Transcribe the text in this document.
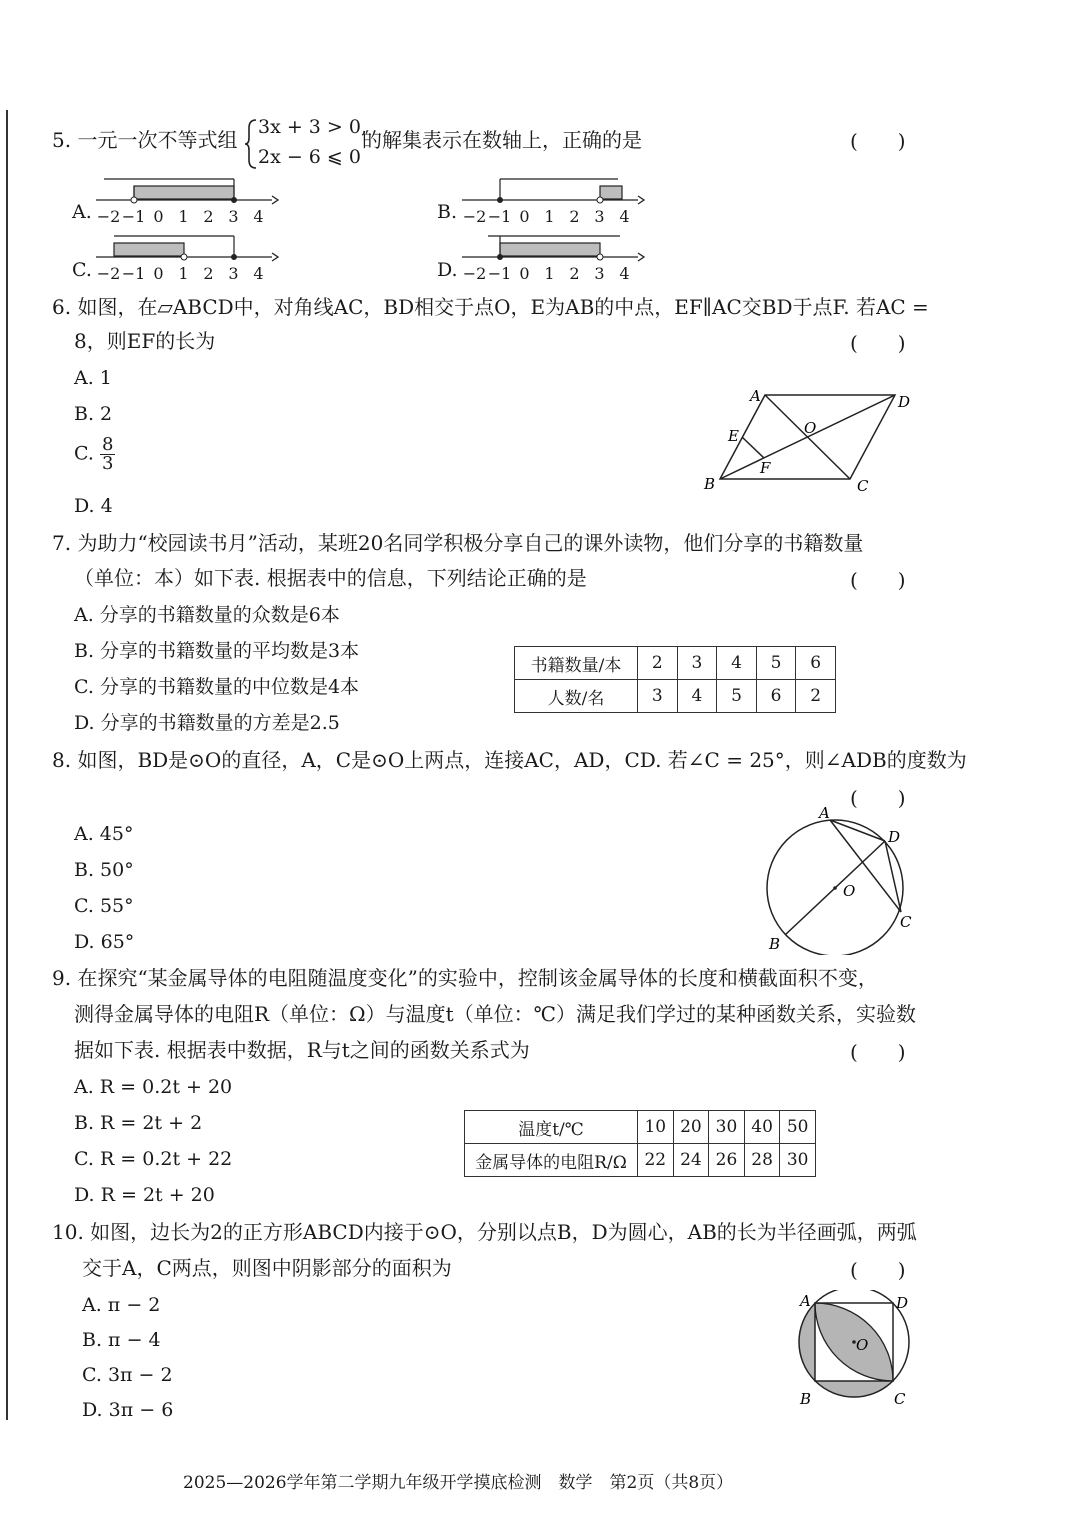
5. 一元一次不等式组
3x + 3 > 0,
2x − 6 ⩽ 0
的解集表示在数轴上，正确的是	(　　)
A. −2−1 0 1 2 3 4	B. −2−1 0 1 2 3 4
C. −2−1 0 1 2 3 4	D. −2−1 0 1 2 3 4
6. 如图，在▱ABCD中，对角线AC，BD相交于点O，E为AB的中点，EF∥AC交BD于点F. 若AC =
8，则EF的长为	(　　)
A. 1
B. 2
C. $\frac{8}{3}$
D. 4
A	D
B	C
E
F
O
7. 为助力“校园读书月”活动，某班20名同学积极分享自己的课外读物，他们分享的书籍数量
（单位：本）如下表. 根据表中的信息，下列结论正确的是	(　　)
A. 分享的书籍数量的众数是6本
B. 分享的书籍数量的平均数是3本
C. 分享的书籍数量的中位数是4本
D. 分享的书籍数量的方差是2.5
书籍数量/本	2	3	4	5	6
人数/名	3	4	5	6	2
8. 如图，BD是⊙O的直径，A，C是⊙O上两点，连接AC，AD，CD. 若∠C = 25°，则∠ADB的度数为
(　　)
A. 45°
B. 50°
C. 55°
D. 65°
A
D
O
C
B
9. 在探究“某金属导体的电阻随温度变化”的实验中，控制该金属导体的长度和横截面积不变，
测得金属导体的电阻R（单位：Ω）与温度t（单位：℃）满足我们学过的某种函数关系，实验数
据如下表. 根据表中数据，R与t之间的函数关系式为	(　　)
A. R = 0.2t + 20
B. R = 2t + 2
C. R = 0.2t + 22
D. R = 2t + 20
温度t/℃	10	20	30	40	50
金属导体的电阻R/Ω	22	24	26	28	30
10. 如图，边长为2的正方形ABCD内接于⊙O，分别以点B，D为圆心，AB的长为半径画弧，两弧
交于A，C两点，则图中阴影部分的面积为	(　　)
A. π − 2
B. π − 4
C. 3π − 2
D. 3π − 6
A	D
O
B	C
2025—2026学年第二学期九年级开学摸底检测　数学　第2页（共8页）
